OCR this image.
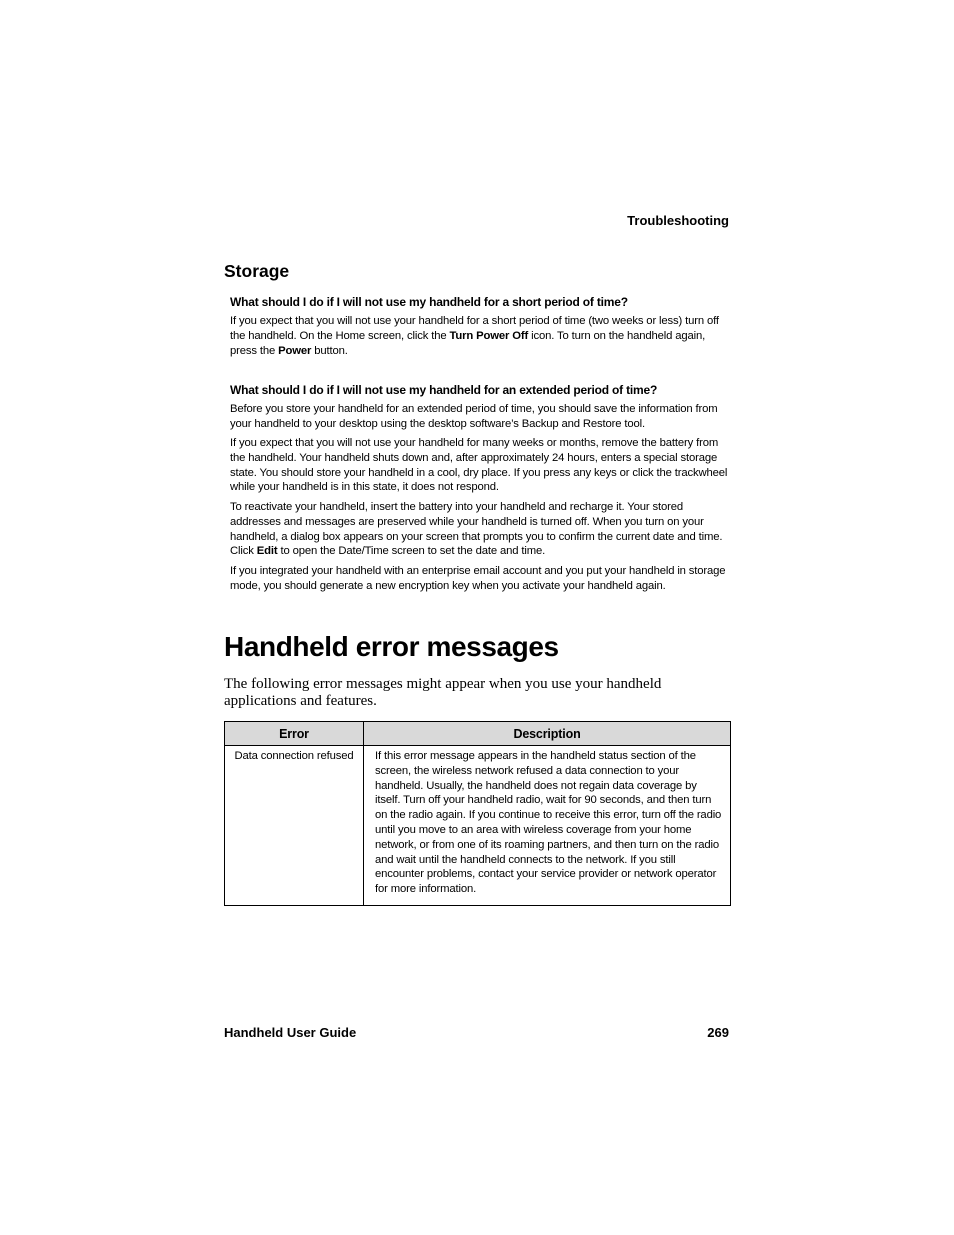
Troubleshooting
Storage
What should I do if I will not use my handheld for a short period of time?

If you expect that you will not use your handheld for a short period of time (two weeks or less) turn off the handheld. On the Home screen, click the Turn Power Off icon. To turn on the handheld again, press the Power button.

What should I do if I will not use my handheld for an extended period of time?

Before you store your handheld for an extended period of time, you should save the information from your handheld to your desktop using the desktop software’s Backup and Restore tool.

If you expect that you will not use your handheld for many weeks or months, remove the battery from the handheld. Your handheld shuts down and, after approximately 24 hours, enters a special storage state. You should store your handheld in a cool, dry place. If you press any keys or click the trackwheel while your handheld is in this state, it does not respond.

To reactivate your handheld, insert the battery into your handheld and recharge it. Your stored addresses and messages are preserved while your handheld is turned off. When you turn on your handheld, a dialog box appears on your screen that prompts you to confirm the current date and time. Click Edit to open the Date/Time screen to set the date and time.

If you integrated your handheld with an enterprise email account and you put your handheld in storage mode, you should generate a new encryption key when you activate your handheld again.

Handheld error messages
The following error messages might appear when you use your handheld applications and features.
Error	Description
Data connection refused	If this error message appears in the handheld status section of the screen, the wireless network refused a data connection to your handheld. Usually, the handheld does not regain data coverage by itself. Turn off your handheld radio, wait for 90 seconds, and then turn on the radio again. If you continue to receive this error, turn off the radio until you move to an area with wireless coverage from your home network, or from one of its roaming partners, and then turn on the radio and wait until the handheld connects to the network. If you still encounter problems, contact your service provider or network operator for more information.
Handheld User Guide	269
